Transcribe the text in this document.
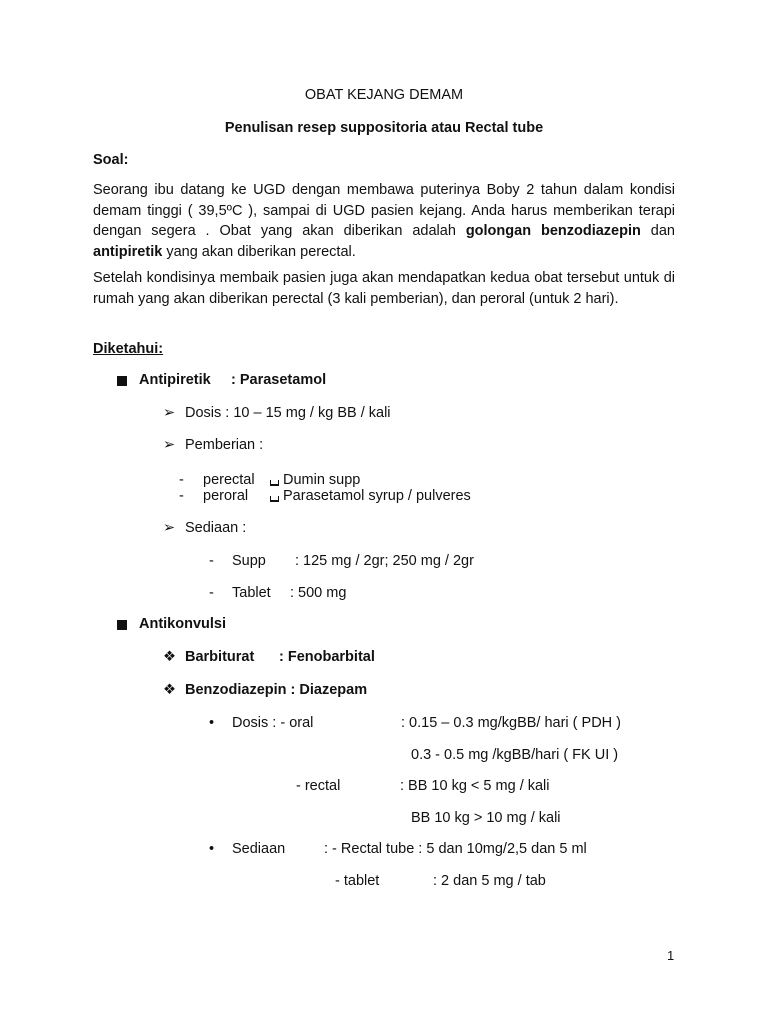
OBAT KEJANG DEMAM
Penulisan resep suppositoria atau Rectal tube
Soal:

Seorang ibu datang ke UGD dengan membawa puterinya Boby 2 tahun dalam kondisi demam tinggi ( 39,5ºC ), sampai di UGD pasien kejang. Anda harus memberikan terapi dengan segera . Obat yang akan diberikan adalah golongan benzodiazepin dan antipiretik yang akan diberikan perectal.

Setelah kondisinya membaik pasien juga akan mendapatkan kedua obat tersebut untuk di rumah yang akan diberikan perectal (3 kali pemberian), dan peroral (untuk 2 hari).

Diketahui:
Antipiretik : Parasetamol
➢ Dosis : 10 – 15 mg / kg BB / kali
➢ Pemberian :
- perectal	Dumin supp
- peroral	Parasetamol syrup / pulveres
➢ Sediaan :
- Supp : 125 mg / 2gr; 250 mg / 2gr
- Tablet : 500 mg
Antikonvulsi
❖ Barbiturat : Fenobarbital
❖ Benzodiazepin : Diazepam
• Dosis : - oral	: 0.15 – 0.3 mg/kgBB/ hari ( PDH )
0.3 - 0.5 mg /kgBB/hari ( FK UI )
- rectal	: BB 10 kg < 5 mg / kali
BB 10 kg > 10 mg / kali
• Sediaan	: - Rectal tube : 5 dan 10mg/2,5 dan 5 ml
- tablet	: 2 dan 5 mg / tab
1
